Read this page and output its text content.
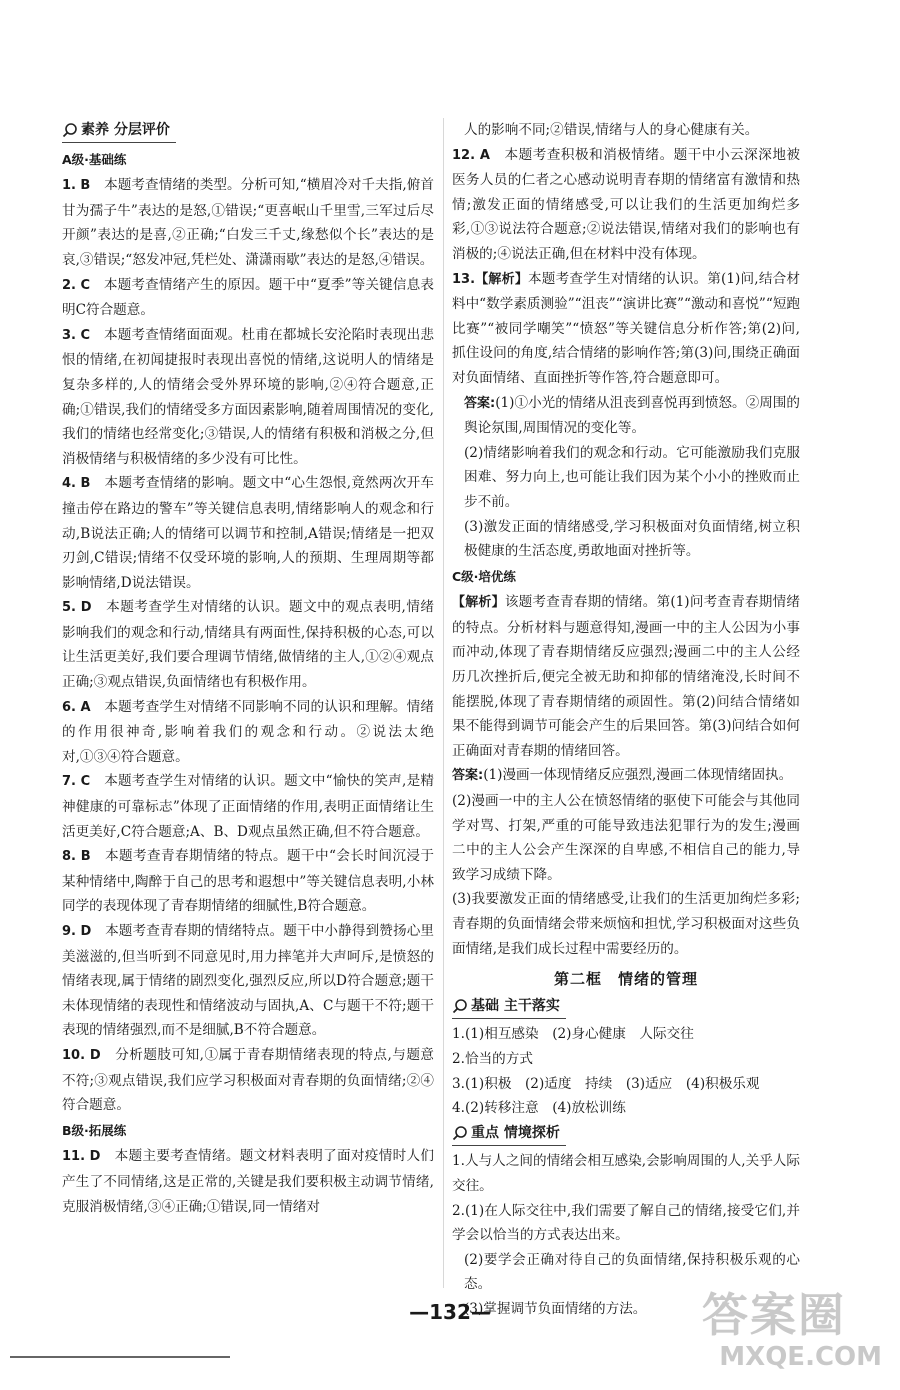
素养 分层评价
A级·基础练
1. B　 本题考查情绪的类型。分析可知,“横眉冷对千夫指,俯首甘为孺子牛”表达的是怒,①错误;“更喜岷山千里雪,三军过后尽开颜”表达的是喜,②正确;“白发三千丈,缘愁似个长”表达的是哀,③错误;“怒发冲冠,凭栏处、潇潇雨歇”表达的是怒,④错误。
2. C　 本题考查情绪产生的原因。题干中“夏季”等关键信息表明C符合题意。
3. C　 本题考查情绪面面观。杜甫在都城长安沦陷时表现出悲恨的情绪,在初闻捷报时表现出喜悦的情绪,这说明人的情绪是复杂多样的,人的情绪会受外界环境的影响,②④符合题意,正确;①错误,我们的情绪受多方面因素影响,随着周围情况的变化,我们的情绪也经常变化;③错误,人的情绪有积极和消极之分,但消极情绪与积极情绪的多少没有可比性。
4. B　 本题考查情绪的影响。题文中“心生怨恨,竟然两次开车撞击停在路边的警车”等关键信息表明,情绪影响人的观念和行动,B说法正确;人的情绪可以调节和控制,A错误;情绪是一把双刃剑,C错误;情绪不仅受环境的影响,人的预期、生理周期等都影响情绪,D说法错误。
5. D　 本题考查学生对情绪的认识。题文中的观点表明,情绪影响我们的观念和行动,情绪具有两面性,保持积极的心态,可以让生活更美好,我们要合理调节情绪,做情绪的主人,①②④观点正确;③观点错误,负面情绪也有积极作用。
6. A　 本题考查学生对情绪不同影响不同的认识和理解。情绪的作用很神奇,影响着我们的观念和行动。②说法太绝对,①③④符合题意。
7. C　 本题考查学生对情绪的认识。题文中“愉快的笑声,是精神健康的可靠标志”体现了正面情绪的作用,表明正面情绪让生活更美好,C符合题意;A、B、D观点虽然正确,但不符合题意。
8. B　 本题考查青春期情绪的特点。题干中“会长时间沉浸于某种情绪中,陶醉于自己的思考和遐想中”等关键信息表明,小林同学的表现体现了青春期情绪的细腻性,B符合题意。
9. D　 本题考查青春期的情绪特点。题干中小静得到赞扬心里美滋滋的,但当听到不同意见时,用力摔笔并大声呵斥,是愤怒的情绪表现,属于情绪的剧烈变化,强烈反应,所以D符合题意;题干未体现情绪的表现性和情绪波动与固执,A、C与题干不符;题干表现的情绪强烈,而不是细腻,B不符合题意。
10. D　 分析题肢可知,①属于青春期情绪表现的特点,与题意不符;③观点错误,我们应学习积极面对青春期的负面情绪;②④符合题意。
B级·拓展练
11. D　 本题主要考查情绪。题文材料表明了面对疫情时人们产生了不同情绪,这是正常的,关键是我们要积极主动调节情绪,克服消极情绪,③④正确;①错误,同一情绪对
人的影响不同;②错误,情绪与人的身心健康有关。
12. A　 本题考查积极和消极情绪。题干中小云深深地被医务人员的仁者之心感动说明青春期的情绪富有激情和热情;激发正面的情绪感受,可以让我们的生活更加绚烂多彩,①③说法符合题意;②说法错误,情绪对我们的影响也有消极的;④说法正确,但在材料中没有体现。
13.【解析】本题考查学生对情绪的认识。第(1)问,结合材料中“数学素质测验”“沮丧”“演讲比赛”“激动和喜悦”“短跑比赛”“被同学嘲笑”“愤怒”等关键信息分析作答;第(2)问,抓住设问的角度,结合情绪的影响作答;第(3)问,围绕正确面对负面情绪、直面挫折等作答,符合题意即可。
答案:(1)①小光的情绪从沮丧到喜悦再到愤怒。②周围的舆论氛围,周围情况的变化等。
(2)情绪影响着我们的观念和行动。它可能激励我们克服困难、努力向上,也可能让我们因为某个小小的挫败而止步不前。
(3)激发正面的情绪感受,学习积极面对负面情绪,树立积极健康的生活态度,勇敢地面对挫折等。
C级·培优练
【解析】该题考查青春期的情绪。第(1)问考查青春期情绪的特点。分析材料与题意得知,漫画一中的主人公因为小事而冲动,体现了青春期情绪反应强烈;漫画二中的主人公经历几次挫折后,便完全被无助和抑郁的情绪淹没,长时间不能摆脱,体现了青春期情绪的顽固性。第(2)问结合情绪如果不能得到调节可能会产生的后果回答。第(3)问结合如何正确面对青春期的情绪回答。
答案:(1)漫画一体现情绪反应强烈,漫画二体现情绪固执。
(2)漫画一中的主人公在愤怒情绪的驱使下可能会与其他同学对骂、打架,严重的可能导致违法犯罪行为的发生;漫画二中的主人公会产生深深的自卑感,不相信自己的能力,导致学习成绩下降。
(3)我要激发正面的情绪感受,让我们的生活更加绚烂多彩;青春期的负面情绪会带来烦恼和担忧,学习积极面对这些负面情绪,是我们成长过程中需要经历的。
第二框　情绪的管理
基础 主干落实
1.(1)相互感染　(2)身心健康　人际交往
2.恰当的方式
3.(1)积极　(2)适度　持续　(3)适应　(4)积极乐观
4.(2)转移注意　(4)放松训练
重点 情境探析
1.人与人之间的情绪会相互感染,会影响周围的人,关乎人际交往。
2.(1)在人际交往中,我们需要了解自己的情绪,接受它们,并学会以恰当的方式表达出来。
(2)要学会正确对待自己的负面情绪,保持积极乐观的心态。
(3)掌握调节负面情绪的方法。
—132—	答案圈
MXQE.COM
